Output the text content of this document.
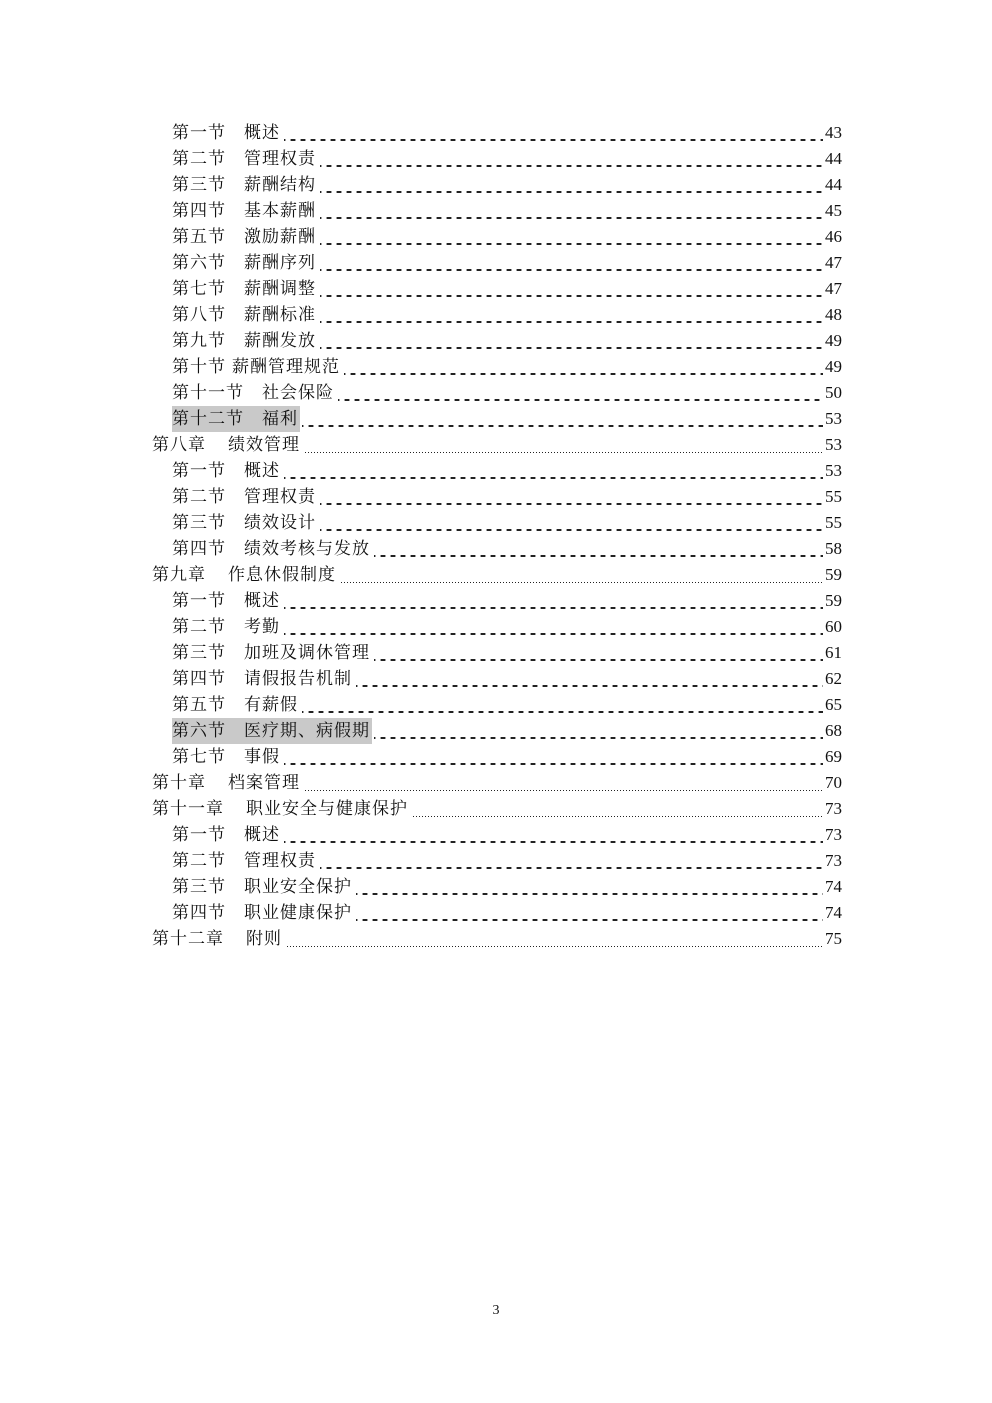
第一节 概述	43
第二节 管理权责	44
第三节 薪酬结构	44
第四节 基本薪酬	45
第五节 激励薪酬	46
第六节 薪酬序列	47
第七节 薪酬调整	47
第八节 薪酬标准	48
第九节 薪酬发放	49
第十节 薪酬管理规范	49
第十一节 社会保险	50
第十二节 福利	53
第八章 绩效管理	53
第一节 概述	53
第二节 管理权责	55
第三节 绩效设计	55
第四节 绩效考核与发放	58
第九章 作息休假制度	59
第一节 概述	59
第二节 考勤	60
第三节 加班及调休管理	61
第四节 请假报告机制	62
第五节 有薪假	65
第六节 医疗期、病假期	68
第七节 事假	69
第十章 档案管理	70
第十一章 职业安全与健康保护	73
第一节 概述	73
第二节 管理权责	73
第三节 职业安全保护	74
第四节 职业健康保护	74
第十二章 附则	75
3
